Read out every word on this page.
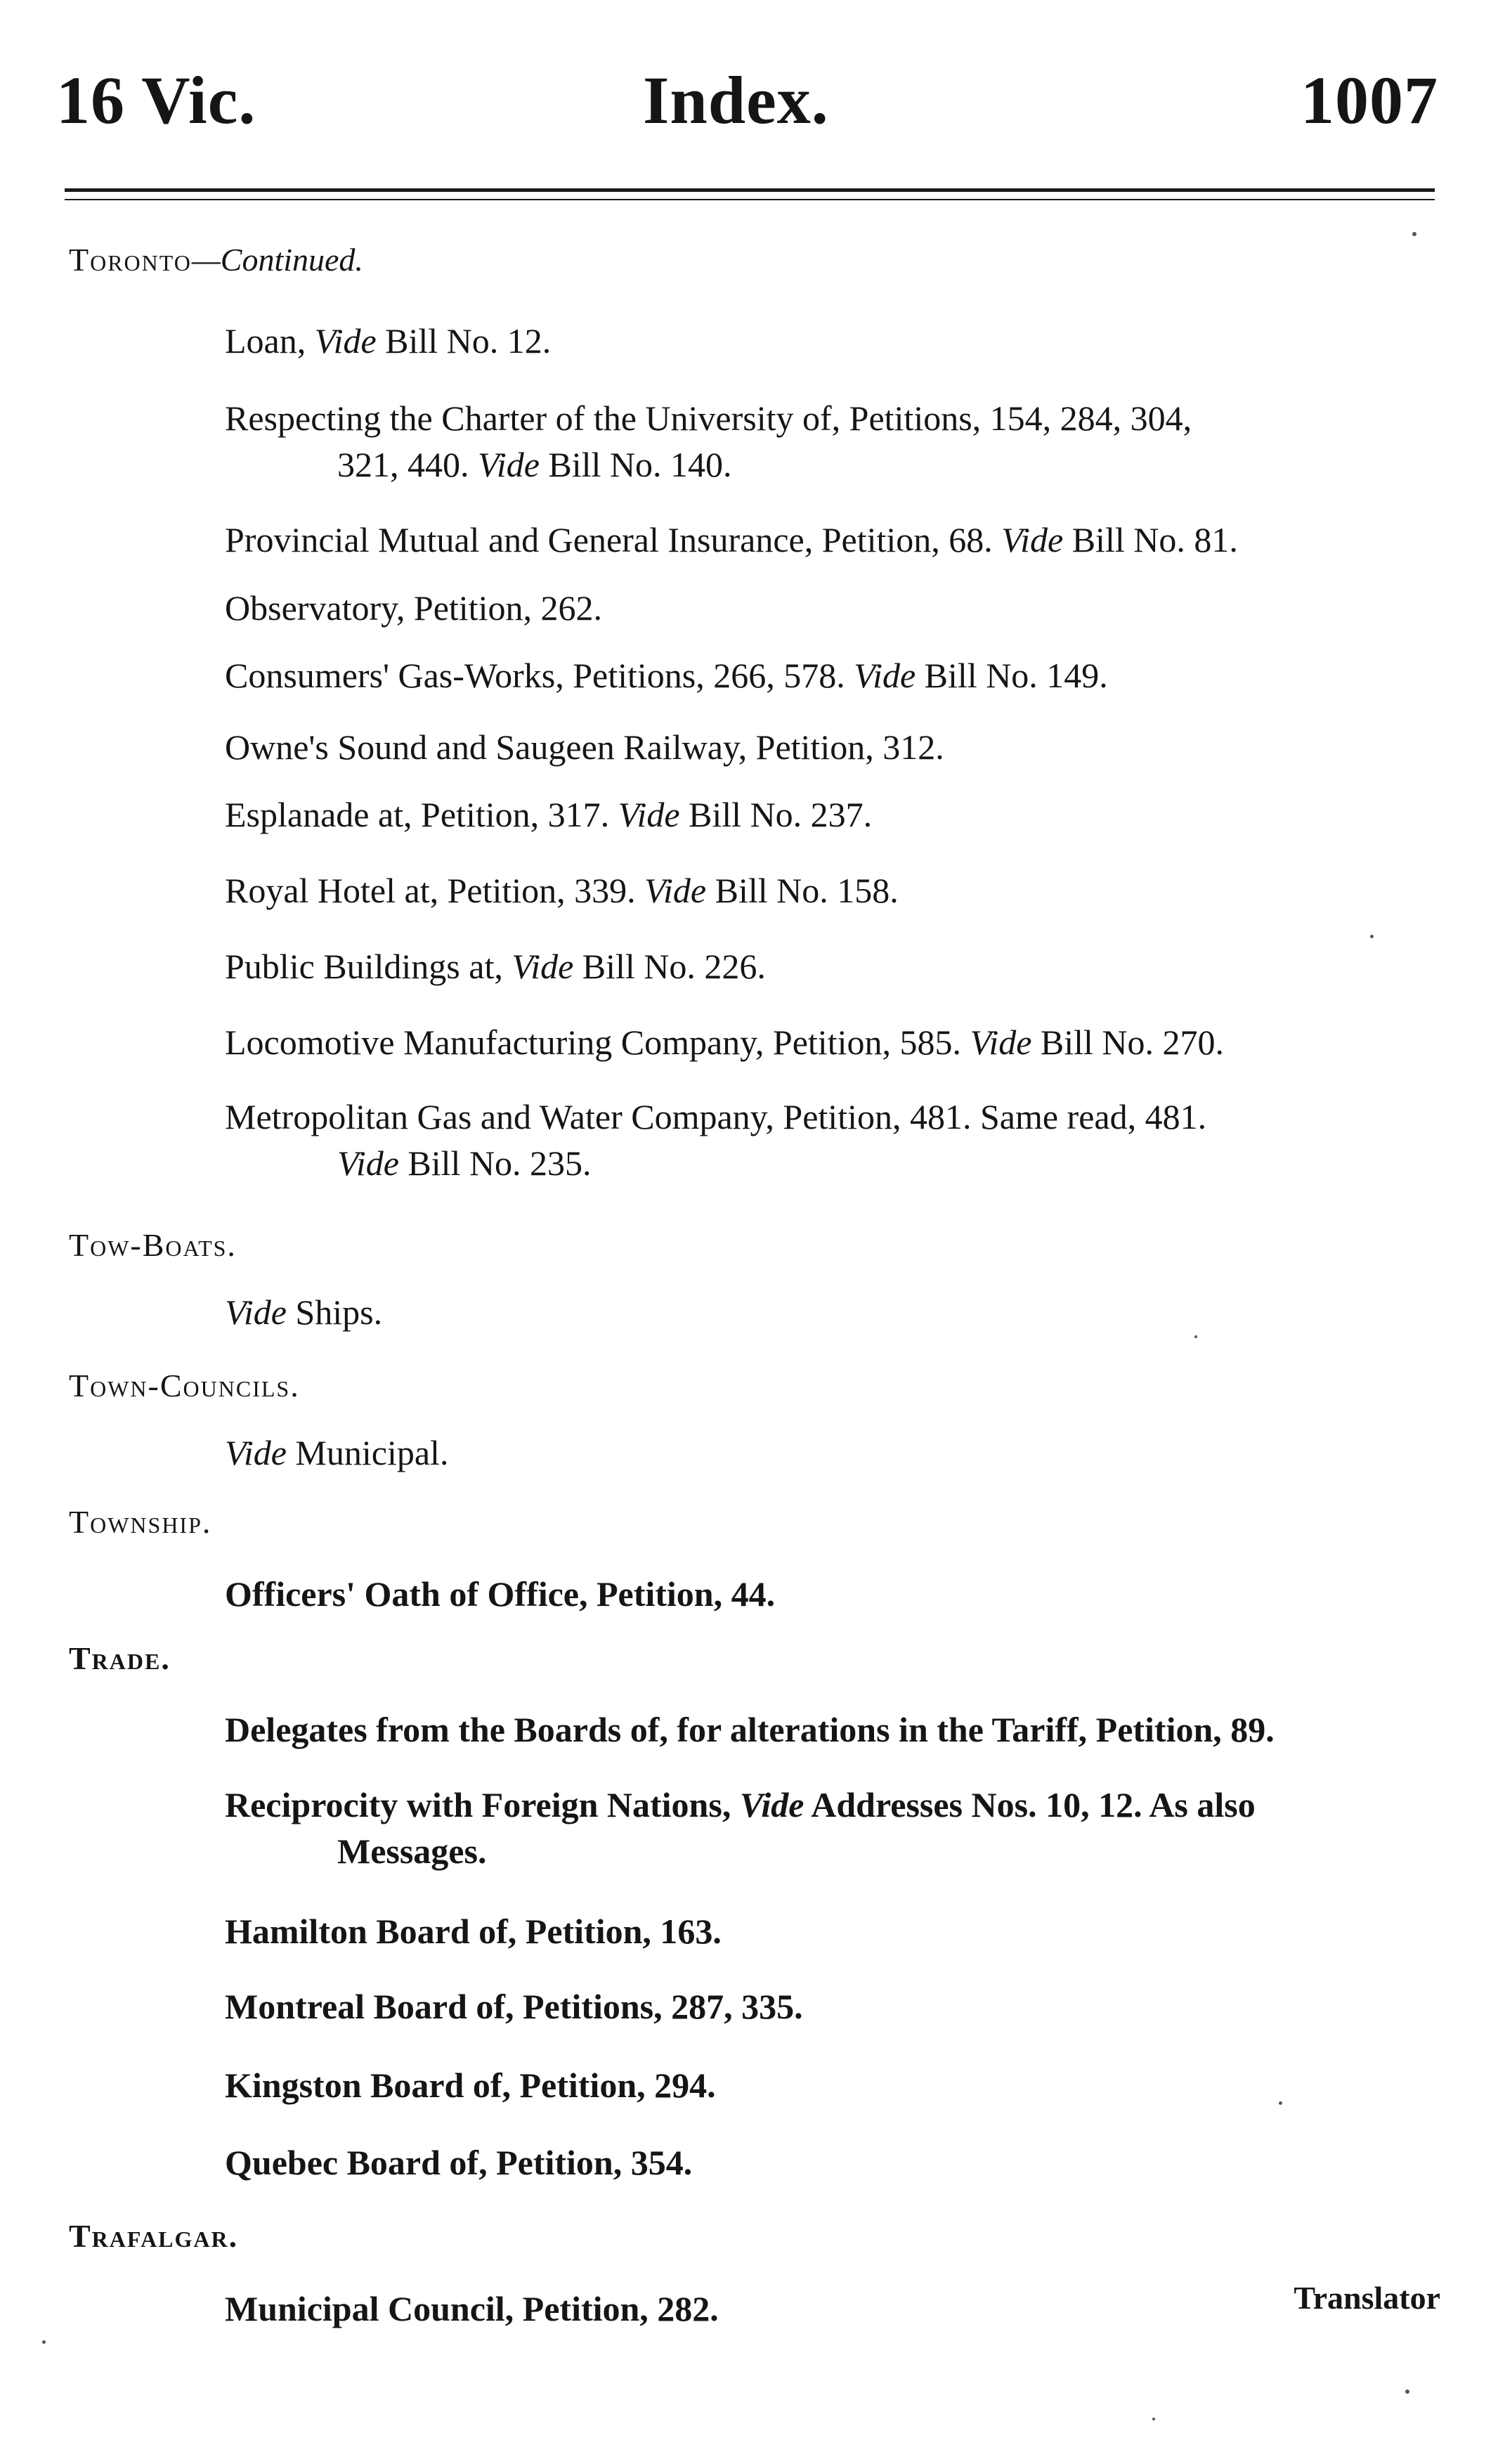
16 Vic.	Index.	1007
Toronto—Continued.
Loan, Vide Bill No. 12.
Respecting the Charter of the University of, Petitions, 154, 284, 304,
321, 440. Vide Bill No. 140.
Provincial Mutual and General Insurance, Petition, 68. Vide Bill No. 81.
Observatory, Petition, 262.
Consumers' Gas-Works, Petitions, 266, 578. Vide Bill No. 149.
Owne's Sound and Saugeen Railway, Petition, 312.
Esplanade at, Petition, 317. Vide Bill No. 237.
Royal Hotel at, Petition, 339. Vide Bill No. 158.
Public Buildings at, Vide Bill No. 226.
Locomotive Manufacturing Company, Petition, 585. Vide Bill No. 270.
Metropolitan Gas and Water Company, Petition, 481. Same read, 481.
Vide Bill No. 235.
Tow-Boats.
Vide Ships.
Town-Councils.
Vide Municipal.
Township.
Officers' Oath of Office, Petition, 44.
Trade.
Delegates from the Boards of, for alterations in the Tariff, Petition, 89.
Reciprocity with Foreign Nations, Vide Addresses Nos. 10, 12. As also
Messages.
Hamilton Board of, Petition, 163.
Montreal Board of, Petitions, 287, 335.
Kingston Board of, Petition, 294.
Quebec Board of, Petition, 354.
Trafalgar.
Municipal Council, Petition, 282.	Translator
